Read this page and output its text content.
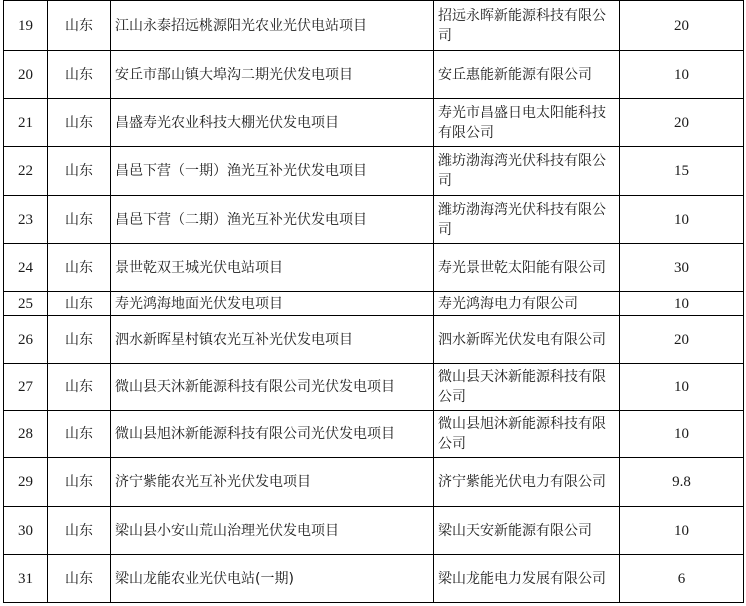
19	山东	江山永泰招远桃源阳光农业光伏电站项目	招远永晖新能源科技有限公司	20
20	山东	安丘市郚山镇大埠沟二期光伏发电项目	安丘惠能新能源有限公司	10
21	山东	昌盛寿光农业科技大棚光伏发电项目	寿光市昌盛日电太阳能科技有限公司	20
22	山东	昌邑下营（一期）渔光互补光伏发电项目	潍坊渤海湾光伏科技有限公司	15
23	山东	昌邑下营（二期）渔光互补光伏发电项目	潍坊渤海湾光伏科技有限公司	10
24	山东	景世乾双王城光伏电站项目	寿光景世乾太阳能有限公司	30
25	山东	寿光鸿海地面光伏发电项目	寿光鸿海电力有限公司	10
26	山东	泗水新晖星村镇农光互补光伏发电项目	泗水新晖光伏发电有限公司	20
27	山东	微山县天沐新能源科技有限公司光伏发电项目	微山县天沐新能源科技有限公司	10
28	山东	微山县旭沐新能源科技有限公司光伏发电项目	微山县旭沐新能源科技有限公司	10
29	山东	济宁紫能农光互补光伏发电项目	济宁紫能光伏电力有限公司	9.8
30	山东	梁山县小安山荒山治理光伏发电项目	梁山天安新能源有限公司	10
31	山东	梁山龙能农业光伏电站(一期)	梁山龙能电力发展有限公司	6
